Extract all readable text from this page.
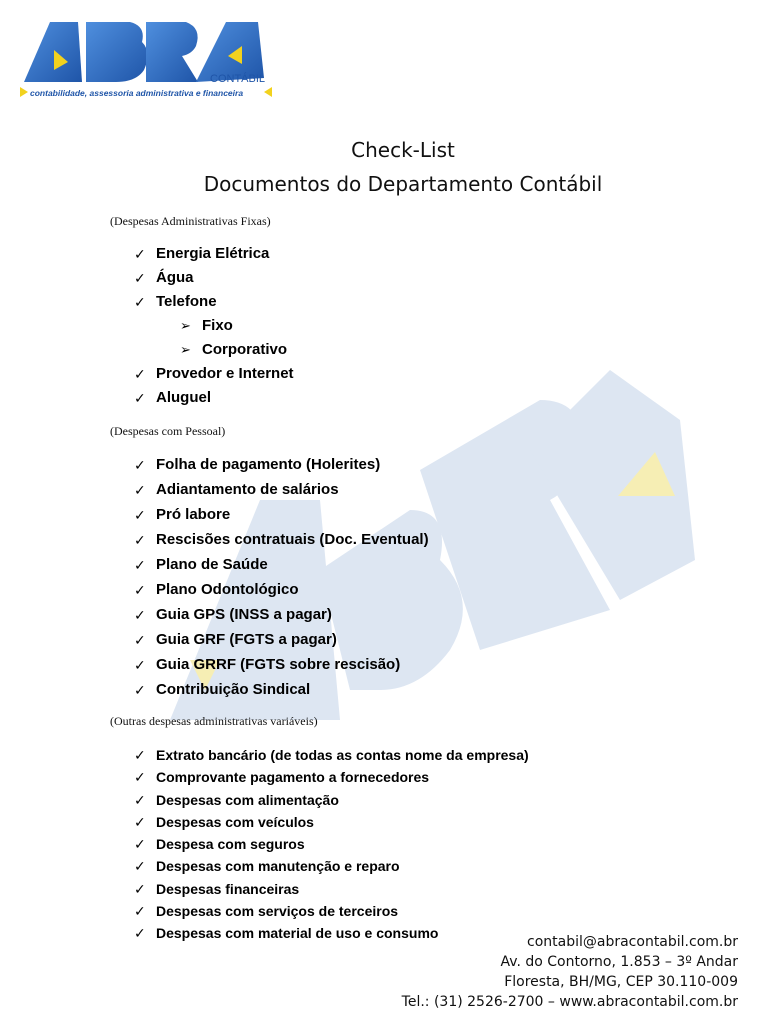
CONTÁBIL
contabilidade, assessoria administrativa e financeira
Check-List
Documentos do Departamento Contábil
(Despesas Administrativas Fixas)
✓ Energia Elétrica
✓ Água
✓ Telefone
➢ Fixo
➢ Corporativo
✓ Provedor e Internet
✓ Aluguel
(Despesas com Pessoal)
✓ Folha de pagamento (Holerites)
✓ Adiantamento de salários
✓ Pró labore
✓ Rescisões contratuais (Doc. Eventual)
✓ Plano de Saúde
✓ Plano Odontológico
✓ Guia GPS (INSS a pagar)
✓ Guia GRF (FGTS a pagar)
✓ Guia GRRF (FGTS sobre rescisão)
✓ Contribuição Sindical
(Outras despesas administrativas variáveis)
✓ Extrato bancário (de todas as contas nome da empresa)
✓ Comprovante pagamento a fornecedores
✓ Despesas com alimentação
✓ Despesas com veículos
✓ Despesa com seguros
✓ Despesas com manutenção e reparo
✓ Despesas financeiras
✓ Despesas com serviços de terceiros
✓ Despesas com material de uso e consumo
contabil@abracontabil.com.br
Av. do Contorno, 1.853 – 3º Andar
Floresta, BH/MG, CEP 30.110-009
Tel.: (31) 2526-2700 – www.abracontabil.com.br
